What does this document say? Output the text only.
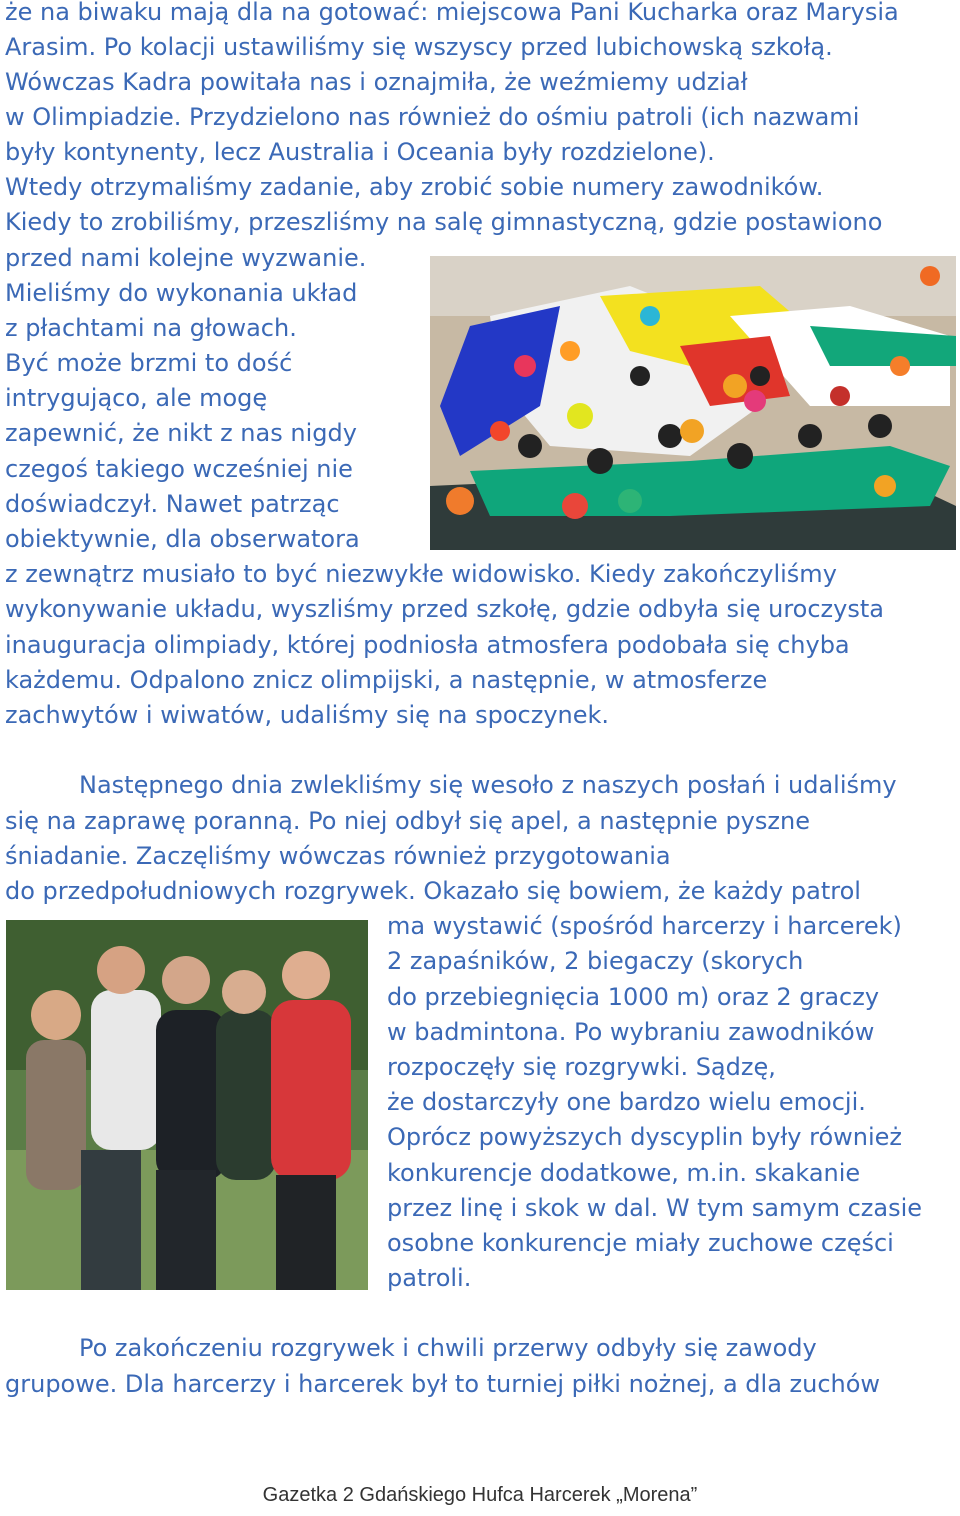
że na biwaku mają dla na gotować: miejscowa Pani Kucharka oraz Marysia
Arasim. Po kolacji ustawiliśmy się wszyscy przed lubichowską szkołą.
Wówczas Kadra powitała nas i oznajmiła, że weźmiemy udział
w Olimpiadzie. Przydzielono nas również do ośmiu patroli (ich nazwami
były kontynenty, lecz Australia i Oceania były rozdzielone).
Wtedy otrzymaliśmy zadanie, aby zrobić sobie numery zawodników.
Kiedy to zrobiliśmy, przeszliśmy na salę gimnastyczną, gdzie postawiono
przed nami kolejne wyzwanie.
Mieliśmy do wykonania układ
z płachtami na głowach.
Być może brzmi to dość
intrygująco, ale mogę
zapewnić, że nikt z nas nigdy
czegoś takiego wcześniej nie
doświadczył. Nawet patrząc
obiektywnie, dla obserwatora
z zewnątrz musiało to być niezwykłe widowisko. Kiedy zakończyliśmy
wykonywanie układu, wyszliśmy przed szkołę, gdzie odbyła się uroczysta
inauguracja olimpiady, której podniosła atmosfera podobała się chyba
każdemu. Odpalono znicz olimpijski, a następnie, w atmosferze
zachwytów i wiwatów, udaliśmy się na spoczynek.
Następnego dnia zwlekliśmy się wesoło z naszych posłań i udaliśmy
się na zaprawę poranną. Po niej odbył się apel, a następnie pyszne
śniadanie. Zaczęliśmy wówczas również przygotowania
do przedpołudniowych rozgrywek. Okazało się bowiem, że każdy patrol
ma wystawić (spośród harcerzy i harcerek)
2 zapaśników, 2 biegaczy (skorych
do przebiegnięcia 1000 m) oraz 2 graczy
w badmintona. Po wybraniu zawodników
rozpoczęły się rozgrywki. Sądzę,
że dostarczyły one bardzo wielu emocji.
Oprócz powyższych dyscyplin były również
konkurencje dodatkowe, m.in. skakanie
przez linę i skok w dal. W tym samym czasie
osobne konkurencje miały zuchowe części
patroli.
Po zakończeniu rozgrywek i chwili przerwy odbyły się zawody
grupowe. Dla harcerzy i harcerek był to turniej piłki nożnej, a dla zuchów
Gazetka 2 Gdańskiego Hufca Harcerek „Morena”
